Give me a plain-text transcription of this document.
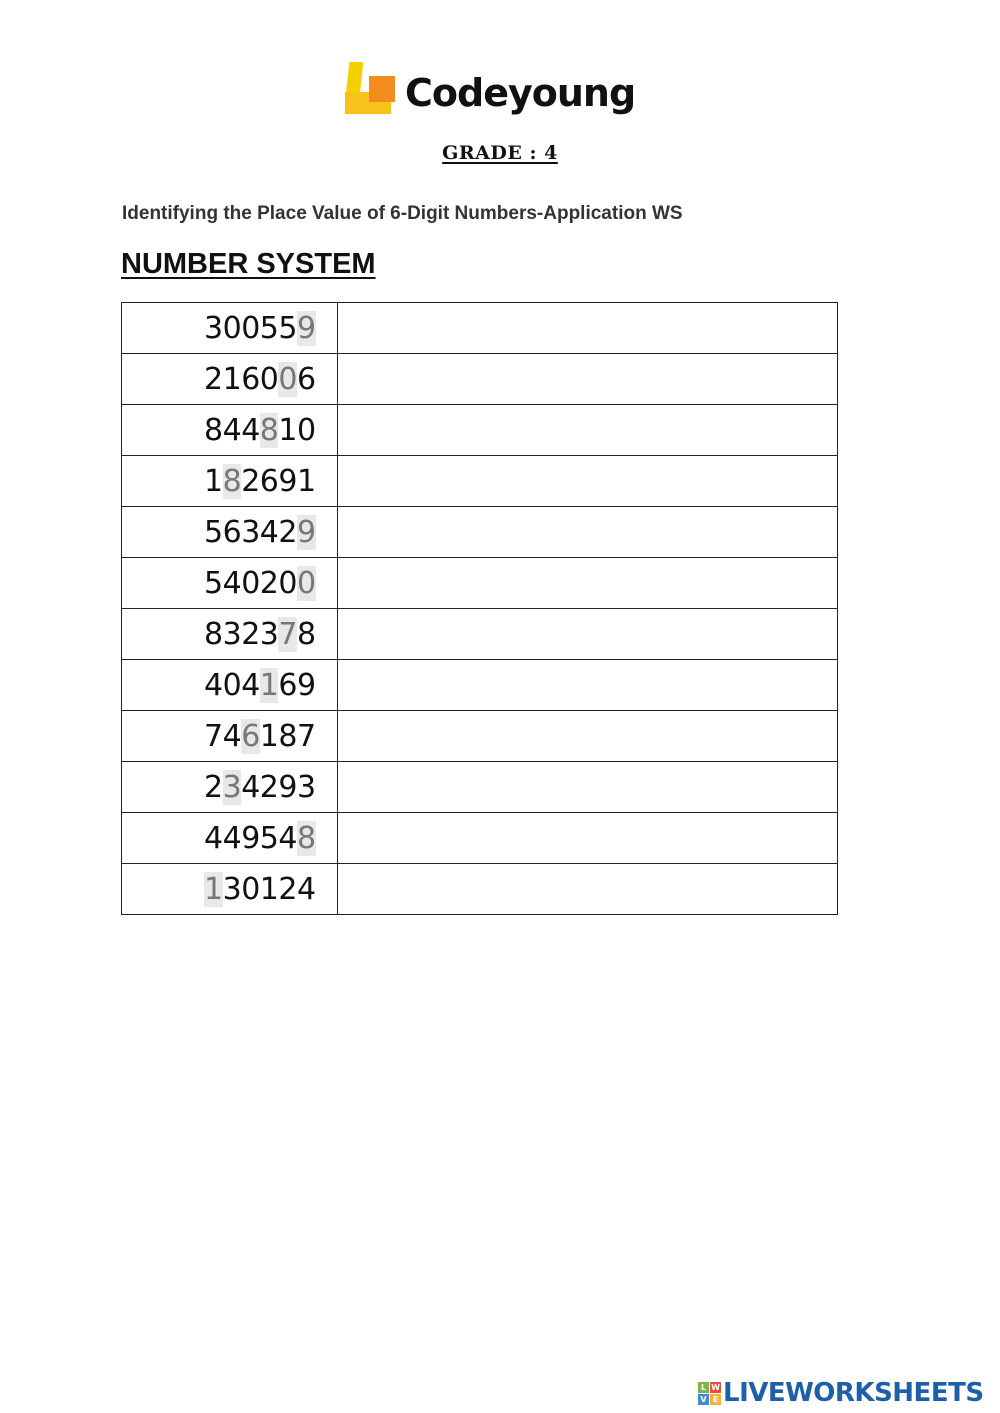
Codeyoung
GRADE : 4
Identifying the Place Value of 6-Digit Numbers-Application WS
NUMBER SYSTEM
300559	
216006	
844810	
182691	
563429	
540200	
832378	
404169	
746187	
234293	
449548	
130124	
L W
V E LIVEWORKSHEETS
